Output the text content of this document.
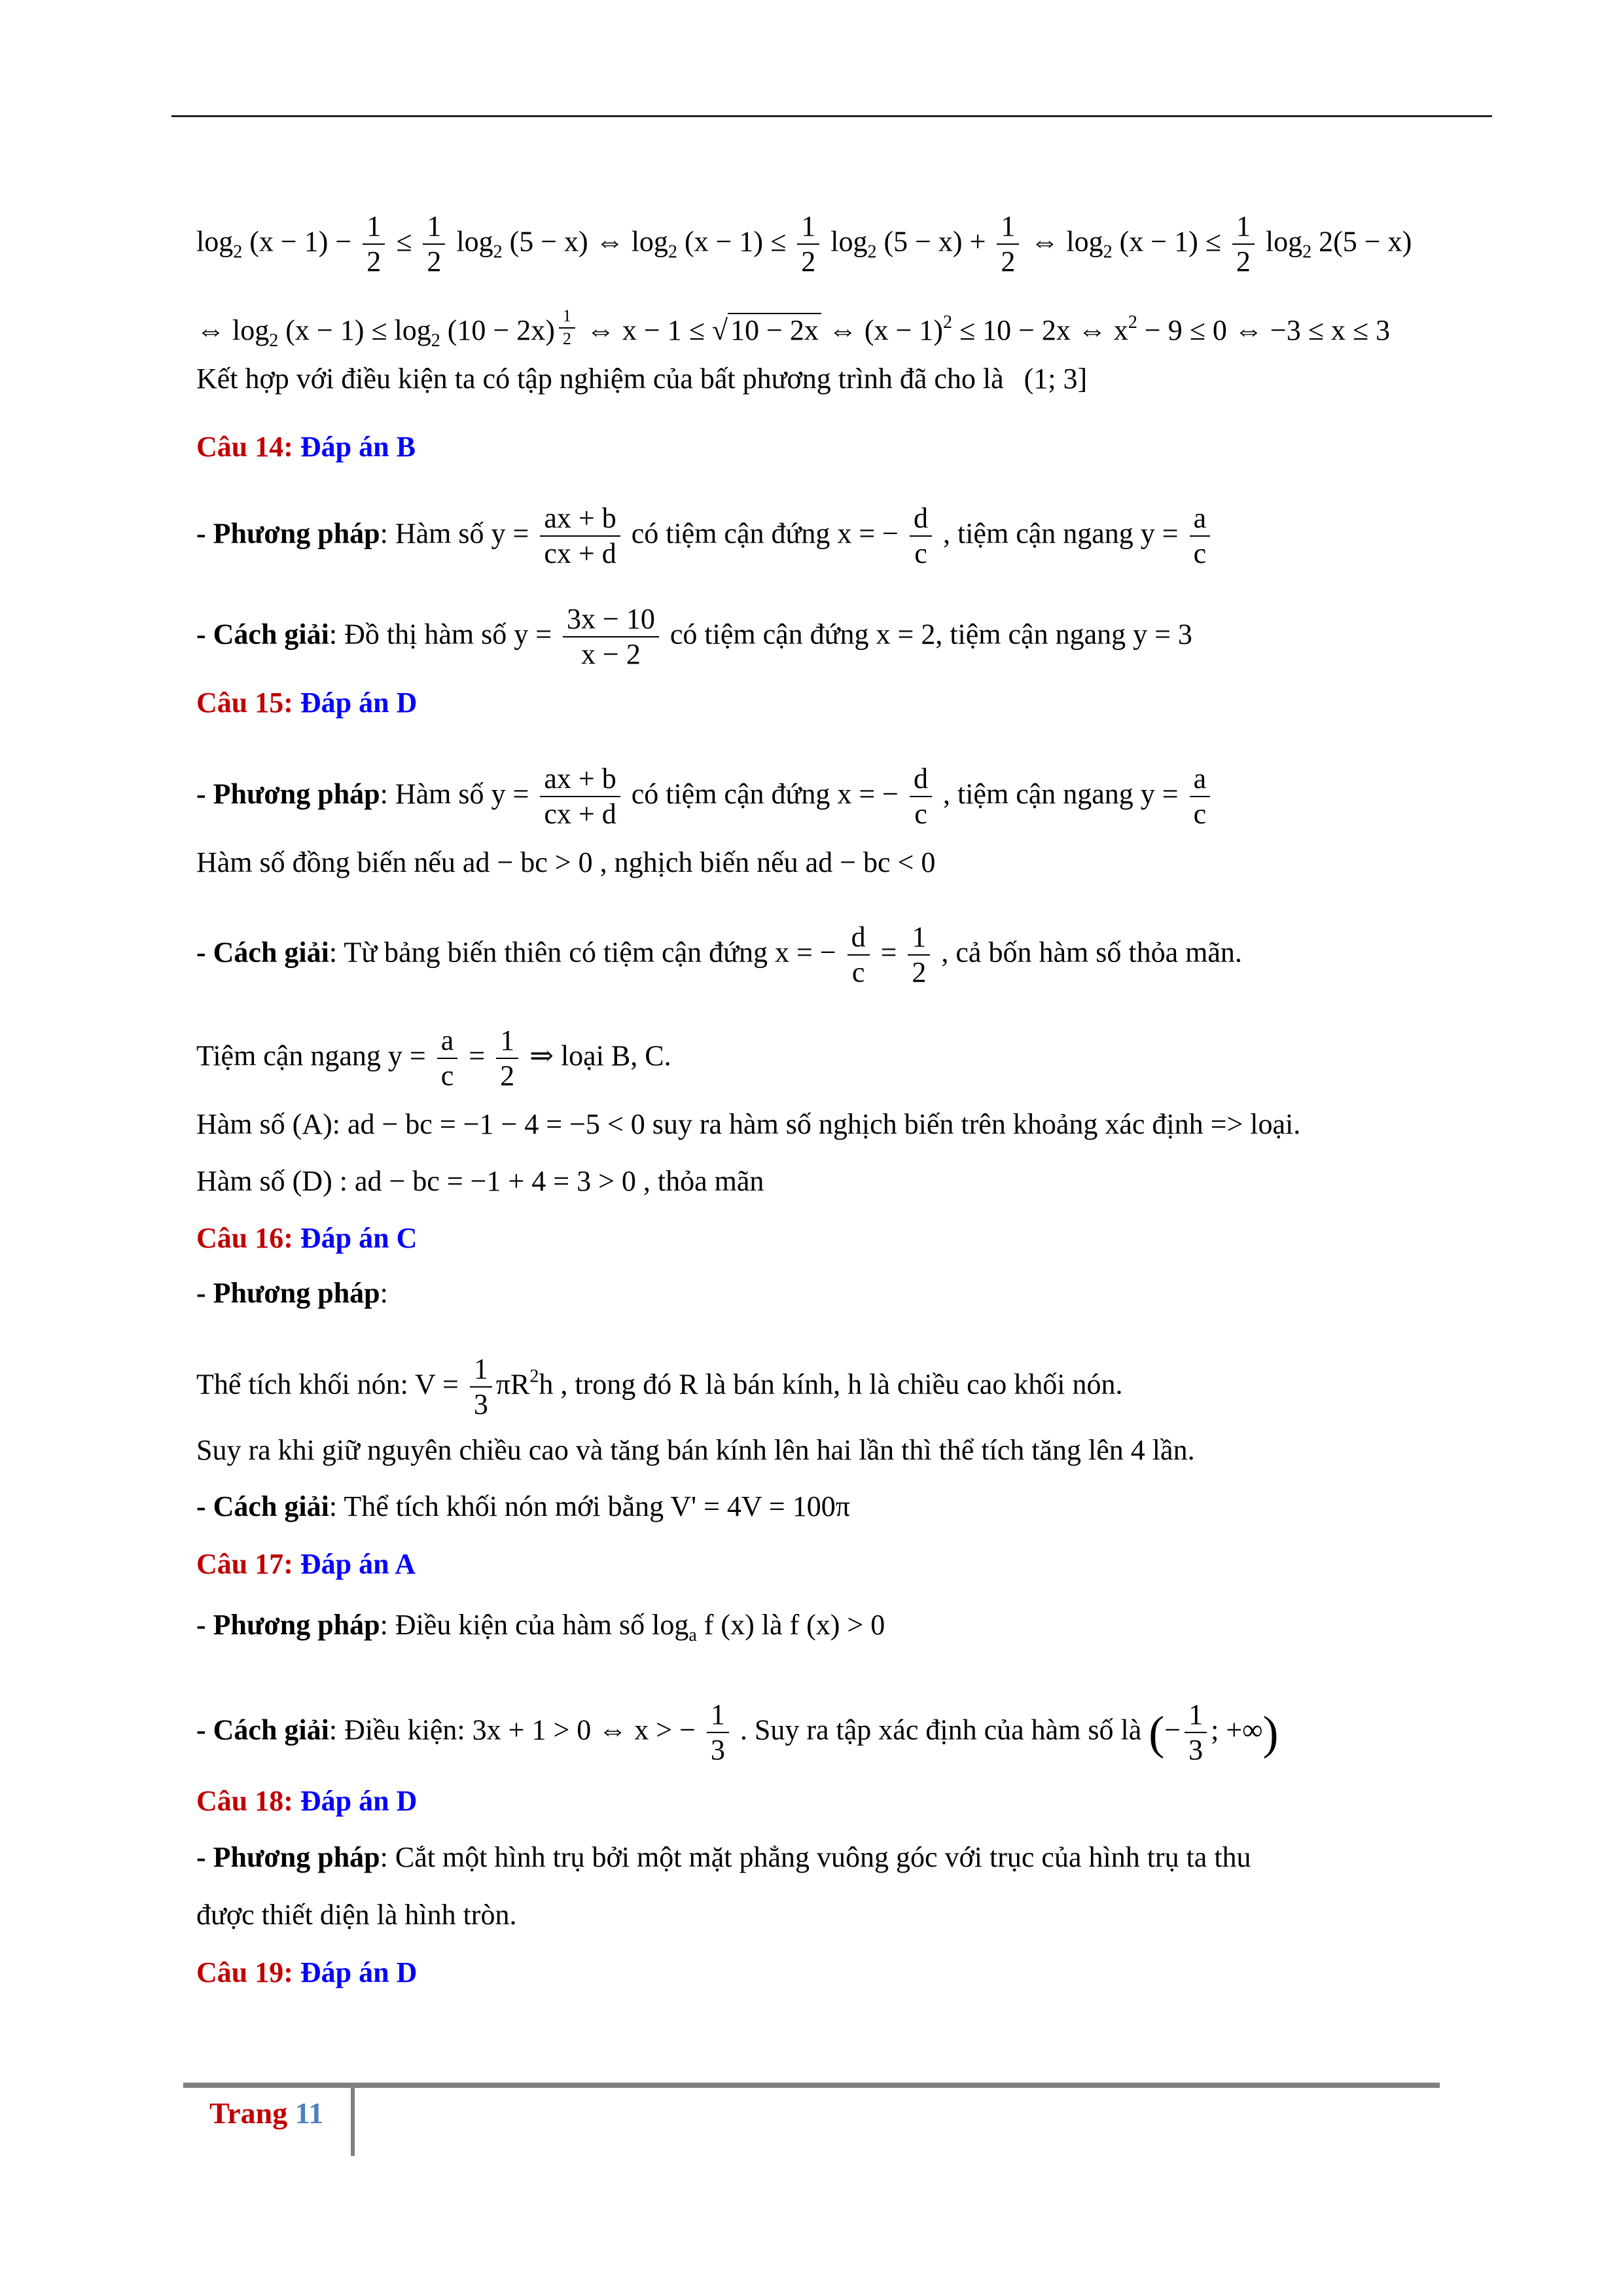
$\log_2 (x - 1) - \frac{1}{2} \le \frac{1}{2} \log_2 (5 - x)$ ⇔ $\log_2 (x - 1) \le \frac{1}{2} \log_2 (5 - x) + \frac{1}{2}$ ⇔ $\log_2 (x - 1) \le \frac{1}{2} \log_2 2(5 - x)$
⇔ $\log_2 (x - 1) \le \log_2 (10 - 2x) \frac{1}{2}$ ⇔ x − 1 ≤ √10 − 2x ⇔ $(x - 1)^2 \le 10 - 2x$ ⇔ $x^2 - 9 \le 0$ ⇔ −3 ≤ x ≤ 3
Kết hợp với điều kiện ta có tập nghiệm của bất phương trình đã cho là (1; 3]
Câu 14: Đáp án B
- Phương pháp: Hàm số $y = \frac{ax + b}{cx + d}$ có tiệm cận đứng x = − $\frac{d}{c}$ , tiệm cận ngang $y = \frac{a}{c}$
- Cách giải: Đồ thị hàm số $y = \frac{3x - 10}{x - 2}$ có tiệm cận đứng x = 2, tiệm cận ngang y = 3
Câu 15: Đáp án D
- Phương pháp: Hàm số $y = \frac{ax + b}{cx + d}$ có tiệm cận đứng x = − $\frac{d}{c}$ , tiệm cận ngang $y = \frac{a}{c}$
Hàm số đồng biến nếu ad − bc > 0 , nghịch biến nếu ad − bc < 0
- Cách giải: Từ bảng biến thiên có tiệm cận đứng x = − $\frac{d}{c} = \frac{1}{2}$ , cả bốn hàm số thỏa mãn.
Tiệm cận ngang $y = \frac{a}{c} = \frac{1}{2}$ ⇒ loại B, C.
Hàm số (A): ad − bc = −1 − 4 = −5 < 0 suy ra hàm số nghịch biến trên khoảng xác định => loại.
Hàm số (D) : ad − bc = −1 + 4 = 3 > 0 , thỏa mãn
Câu 16: Đáp án C
- Phương pháp:
Thể tích khối nón: $V = \frac{1}{3} \pi R^2h$ , trong đó R là bán kính, h là chiều cao khối nón.
Suy ra khi giữ nguyên chiều cao và tăng bán kính lên hai lần thì thể tích tăng lên 4 lần.
- Cách giải: Thể tích khối nón mới bằng V' = 4V = 100π
Câu 17: Đáp án A
- Phương pháp: Điều kiện của hàm số $\log_a f$ (x) là f (x) > 0
- Cách giải: Điều kiện: 3x + 1 > 0 ⇔ x > − $\frac{1}{3}$ . Suy ra tập xác định của hàm số là (− $\frac{1}{3}$ ; +∞)
Câu 18: Đáp án D
- Phương pháp: Cắt một hình trụ bởi một mặt phẳng vuông góc với trục của hình trụ ta thu
được thiết diện là hình tròn.
Câu 19: Đáp án D
Trang 11
